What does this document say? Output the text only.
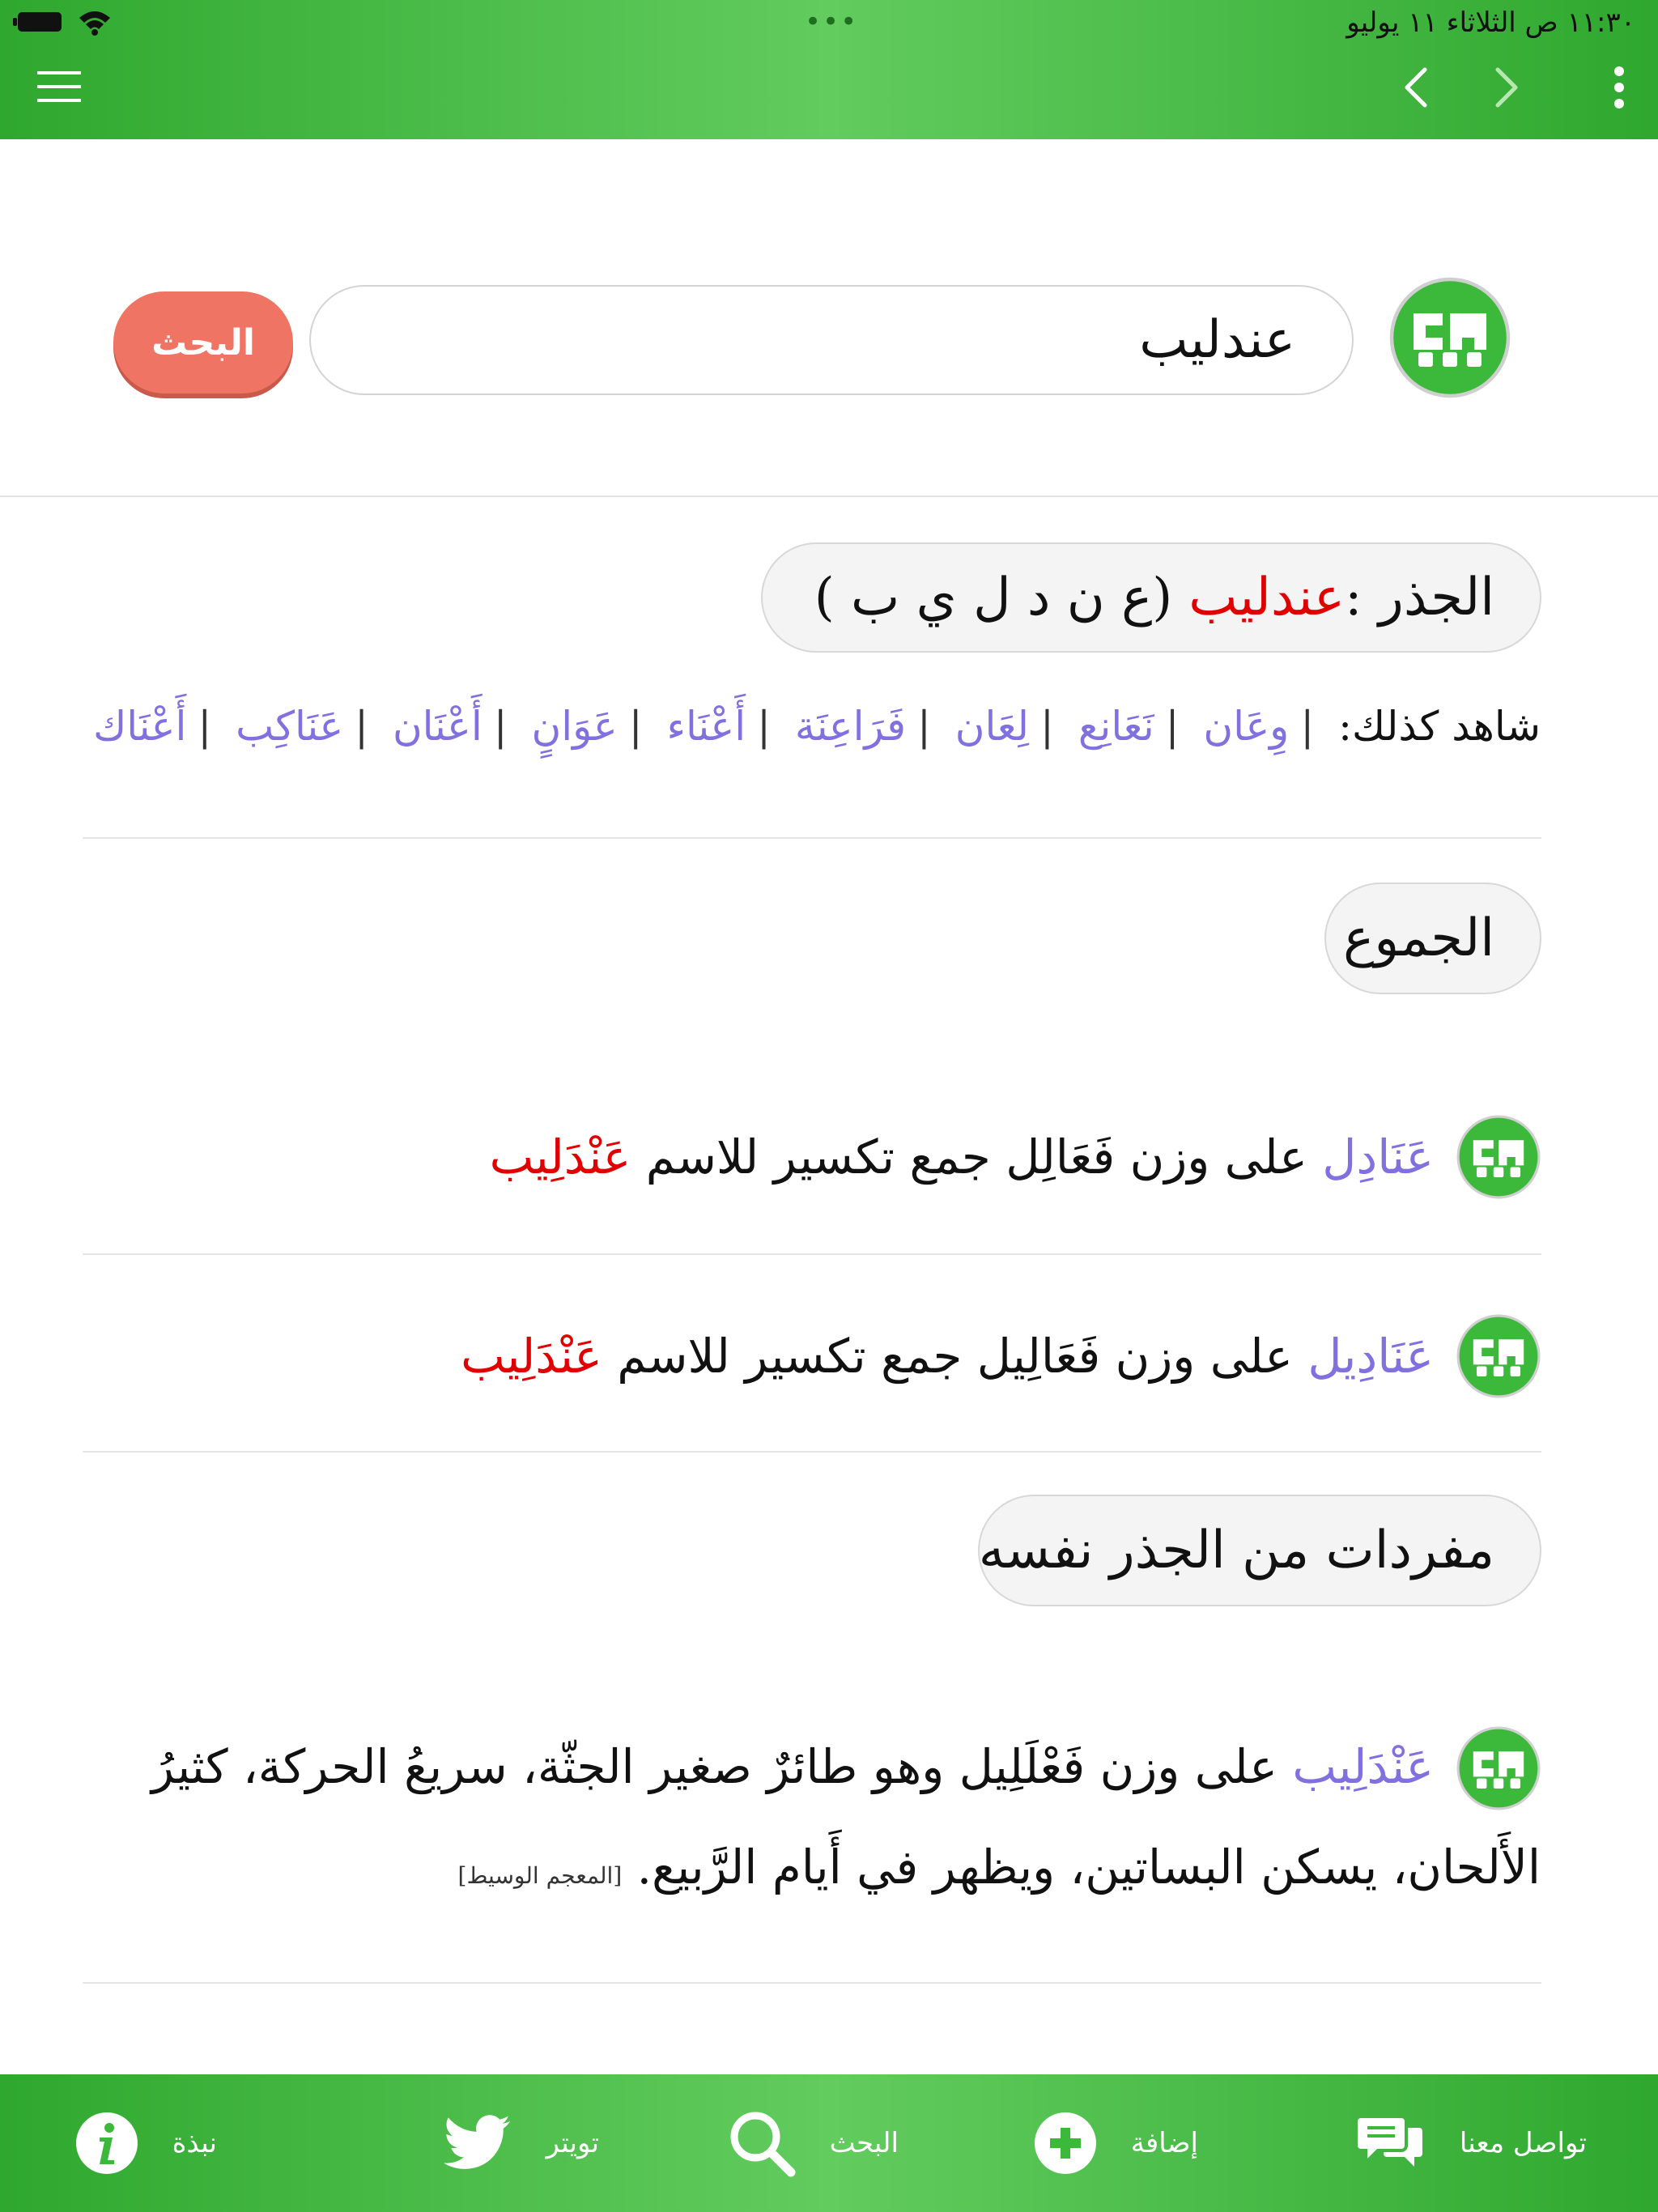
•••	١١:٣٠ ص الثلاثاء ١١ يوليو
البحث
عندليب
الجذر :
عندليب
(ع ن د ل ي ب )
شاهد كذلك: |وِعَان |نَعَانِع |لِعَان |فَرَاعِنَة |أَعْنَاء |عَوَانٍ |أَعْنَان |عَنَاكِب |أَعْنَاك
الجموع
عَنَادِل
على وزن فَعَالِل جمع تكسير للاسم
عَنْدَلِيب
عَنَادِيل
على وزن فَعَالِيل جمع تكسير للاسم
عَنْدَلِيب
مفردات من الجذر نفسه
عَنْدَلِيب على وزن فَعْلَلِيل وهو طائرٌ صغير الجثّة، سريعُ الحركة، كثيرُ الأَلحان، يسكن البساتين، ويظهر في أَيام الرَّبيع. [المعجم الوسيط]
تواصل معنا
إضافة
البحث
تويتر
نبذة
